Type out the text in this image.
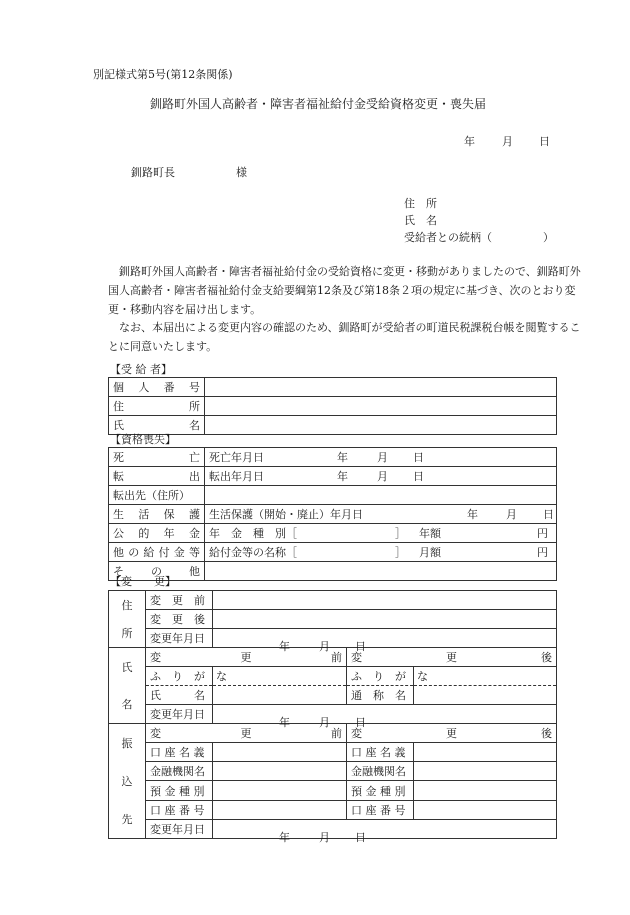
別記様式第5号(第12条関係)
釧路町外国人高齢者・障害者福祉給付金受給資格変更・喪失届
年 月 日
釧路町長	様
住　所
氏　名
受給者との続柄（	）
釧路町外国人高齢者・障害者福祉給付金の受給資格に変更・移動がありましたので、釧路町外国人高齢者・障害者福祉給付金支給要綱第12条及び第18条２項の規定に基づき、次のとおり変更・移動内容を届け出します。
なお、本届出による変更内容の確認のため、釧路町が受給者の町道民税課税台帳を閲覧することに同意いたします。
【受 給 者】
個　人　番　号	

住　　　　所	

氏　　　　名	

【資格喪失】
死　　　　亡	死亡年月日 年 月 日

転　　　　出	転出年月日 年 月 日

転出先（住所）	

生　活　保　護	生活保護（開始・廃止）年月日 年 月 日

公　的　年　金	年　金　種　別［ ］ 年額 円

他の給付金等	給付金等の名称［ ］ 月額 円

そ　　の　　他	

【変　　更】
住
所	変　更　前			
	変　更　後			
	変更年月日	年 月 日		

氏
名	変 更 前		変 更 後	

	ふ　り　が　な		ふ　り　が　な	
	氏　　　名		通　称　名	
	変更年月日	年 月 日		

振
込
先	変 更 前		変 更 後	

	口 座 名 義		口 座 名 義	
	金融機関名		金融機関名	
	預 金 種 別		預 金 種 別	
	口 座 番 号		口 座 番 号	
	変更年月日	年 月 日		
